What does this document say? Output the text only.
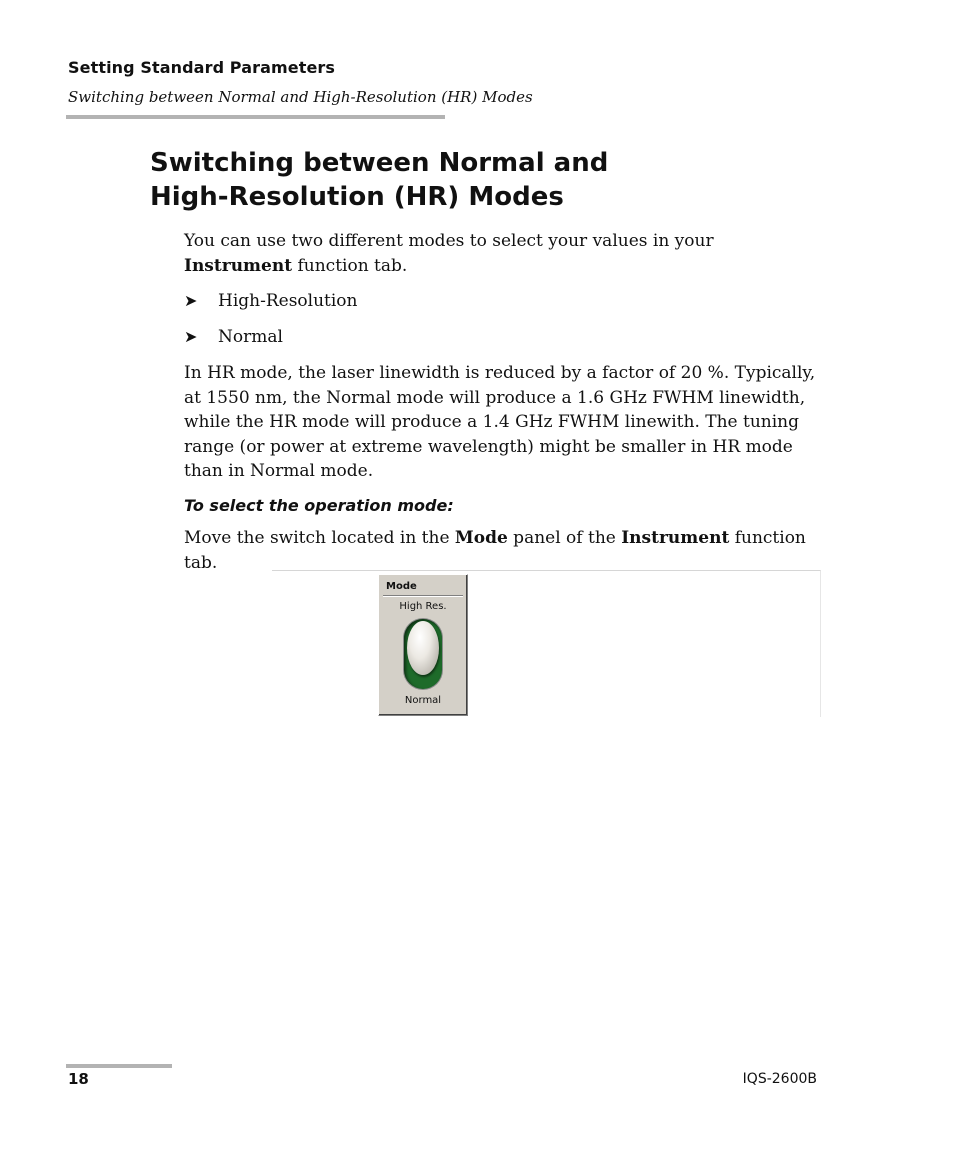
Setting Standard Parameters
Switching between Normal and High-Resolution (HR) Modes
Switching between Normal and
High-Resolution (HR) Modes

You can use two different modes to select your values in your Instrument function tab.

➤ High-Resolution
➤ Normal

In HR mode, the laser linewidth is reduced by a factor of 20 %. Typically, at 1550 nm, the Normal mode will produce a 1.6 GHz FWHM linewidth, while the HR mode will produce a 1.4 GHz FWHM linewith. The tuning range (or power at extreme wavelength) might be smaller in HR mode than in Normal mode.

To select the operation mode:

Move the switch located in the Mode panel of the Instrument function tab.

Mode
High Res.
Normal
18	IQS-2600B
